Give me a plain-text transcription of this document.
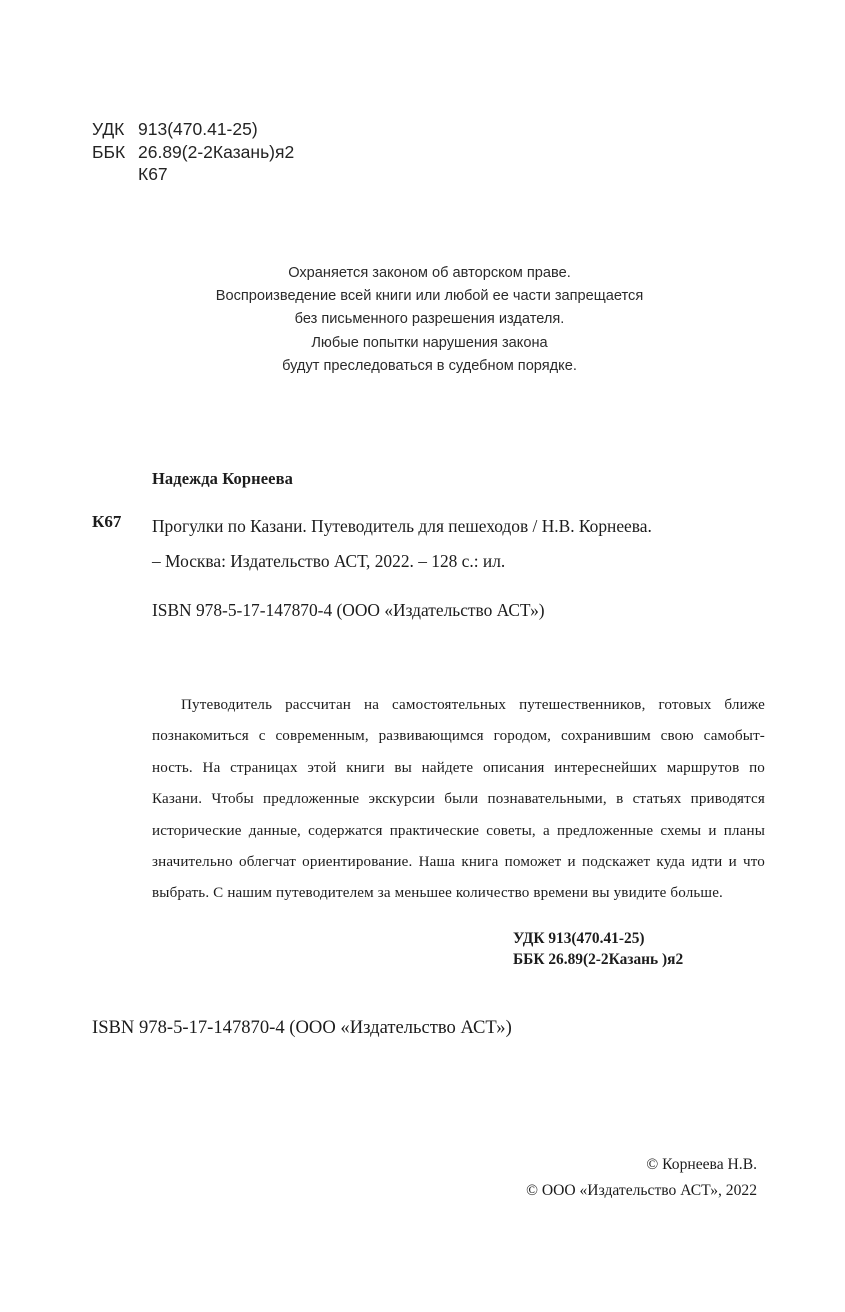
УДК 913(470.41-25)
ББК 26.89(2-2Казань)я2
К67
Охраняется законом об авторском праве.
Воспроизведение всей книги или любой ее части запрещается
без письменного разрешения издателя.
Любые попытки нарушения закона
будут преследоваться в судебном порядке.
Надежда Корнеева
К67 Прогулки по Казани. Путеводитель для пешеходов / Н.В. Корнеева.
– Москва: Издательство АСТ, 2022. – 128 с.: ил.
ISBN 978-5-17-147870-4 (ООО «Издательство АСТ»)
Путеводитель рассчитан на самостоятельных путешественников, готовых ближе
познакомиться с современным, развивающимся городом, сохранившим свою самобыт-
ность. На страницах этой книги вы найдете описания интереснейших маршрутов по
Казани. Чтобы предложенные экскурсии были познавательными, в статьях приводятся
исторические данные, содержатся практические советы, а предложенные схемы и планы
значительно облегчат ориентирование. Наша книга поможет и подскажет куда идти и что
выбрать. С нашим путеводителем за меньшее количество времени вы увидите больше.
УДК 913(470.41-25)
ББК 26.89(2-2Казань )я2
ISBN 978-5-17-147870-4 (ООО «Издательство АСТ»)
© Корнеева Н.В.
© ООО «Издательство АСТ», 2022
